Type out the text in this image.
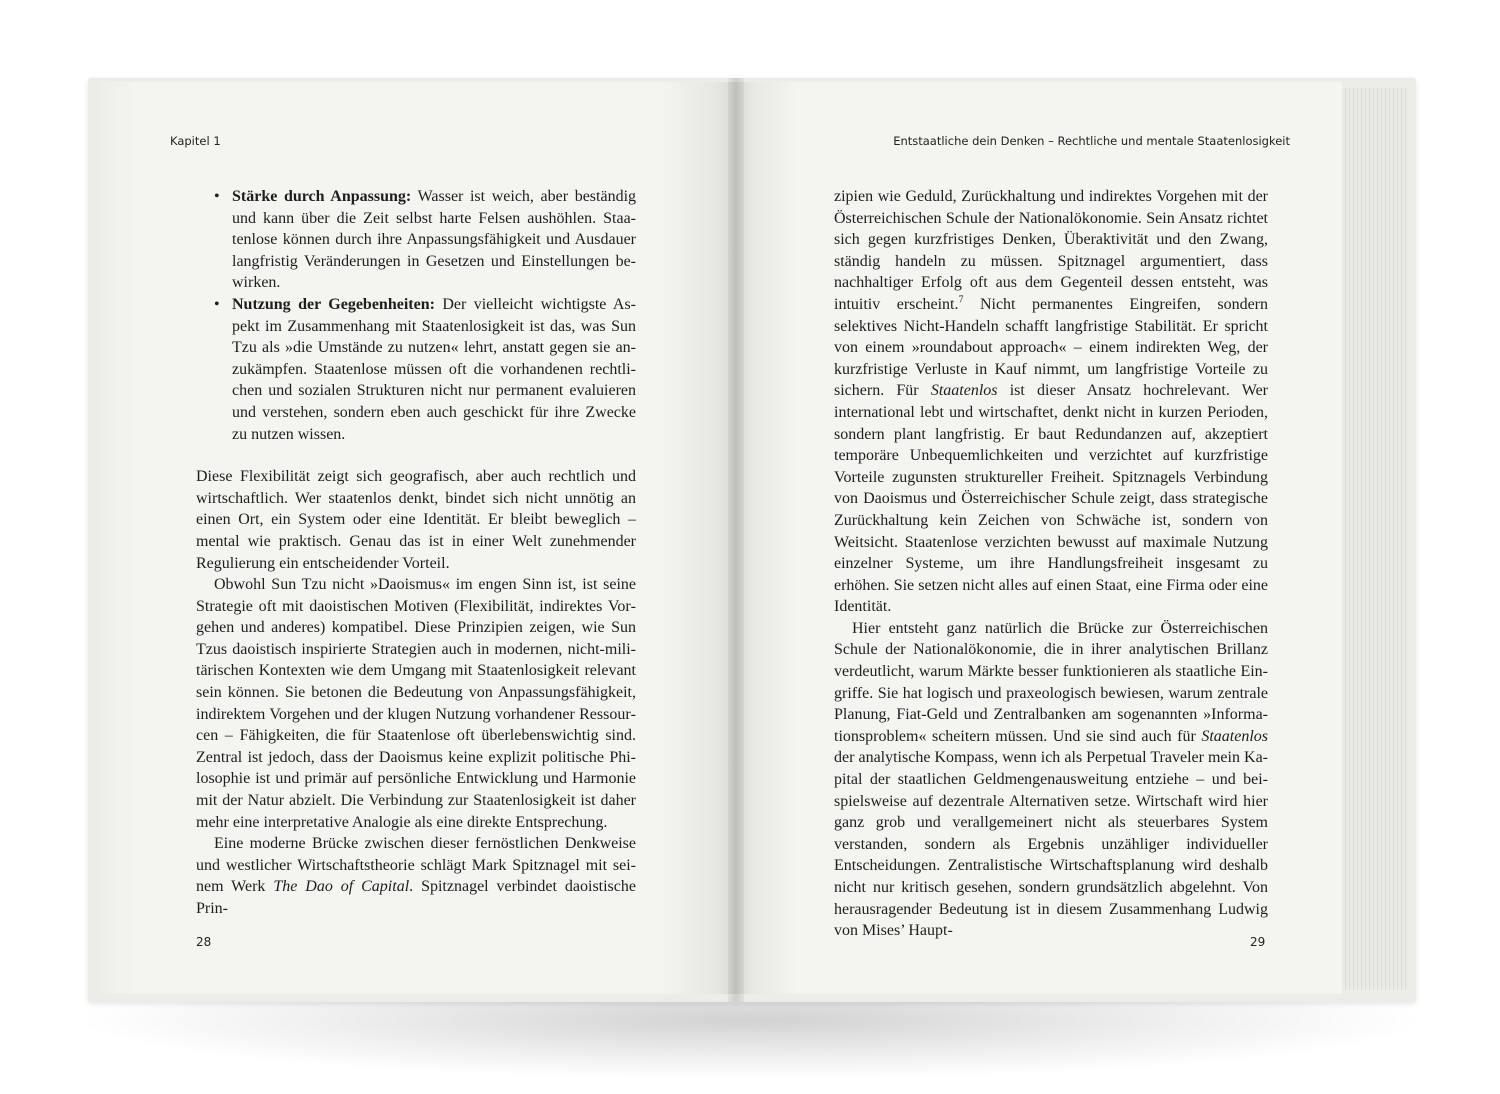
Kapitel 1	Entstaatliche dein Denken – Rechtliche und mentale Staatenlosigkeit
• Stärke durch Anpassung: Wasser ist weich, aber beständig und kann über die Zeit selbst harte Felsen aushöhlen. Staatenlose können durch ihre Anpassungsfähigkeit und Ausdauer langfristig Veränderungen in Gesetzen und Einstellungen bewirken.
• Nutzung der Gegebenheiten: Der vielleicht wichtigste Aspekt im Zusammenhang mit Staatenlosigkeit ist das, was Sun Tzu als »die Umstände zu nutzen« lehrt, anstatt gegen sie anzukämpfen. Staatenlose müssen oft die vorhandenen rechtlichen und sozialen Strukturen nicht nur permanent evaluieren und verstehen, sondern eben auch geschickt für ihre Zwecke zu nutzen wissen.

Diese Flexibilität zeigt sich geografisch, aber auch rechtlich und wirtschaftlich. Wer staatenlos denkt, bindet sich nicht unnötig an einen Ort, ein System oder eine Identität. Er bleibt beweglich – mental wie praktisch. Genau das ist in einer Welt zunehmender Regulierung ein entscheidender Vorteil.

Obwohl Sun Tzu nicht »Daoismus« im engen Sinn ist, ist seine Strategie oft mit daoistischen Motiven (Flexibilität, indirektes Vorgehen und anderes) kompatibel. Diese Prinzipien zeigen, wie Sun Tzus daoistisch inspirierte Strategien auch in modernen, nicht-militärischen Kontexten wie dem Umgang mit Staatenlosigkeit relevant sein können. Sie betonen die Bedeutung von Anpassungsfähigkeit, indirektem Vorgehen und der klugen Nutzung vorhandener Ressourcen – Fähigkeiten, die für Staatenlose oft überlebenswichtig sind. Zentral ist jedoch, dass der Daoismus keine explizit politische Philosophie ist und primär auf persönliche Entwicklung und Harmonie mit der Natur abzielt. Die Verbindung zur Staatenlosigkeit ist daher mehr eine interpretative Analogie als eine direkte Entsprechung.

Eine moderne Brücke zwischen dieser fernöstlichen Denkweise und westlicher Wirtschaftstheorie schlägt Mark Spitznagel mit seinem Werk The Dao of Capital. Spitznagel verbindet daoistische Prin-

zipien wie Geduld, Zurückhaltung und indirektes Vorgehen mit der Österreichischen Schule der Nationalökonomie. Sein Ansatz richtet sich gegen kurzfristiges Denken, Überaktivität und den Zwang, ständig handeln zu müssen. Spitznagel argumentiert, dass nachhaltiger Erfolg oft aus dem Gegenteil dessen entsteht, was intuitiv erscheint.$^7$ Nicht permanentes Eingreifen, sondern selektives Nicht-Handeln schafft langfristige Stabilität. Er spricht von einem »roundabout approach« – einem indirekten Weg, der kurzfristige Verluste in Kauf nimmt, um langfristige Vorteile zu sichern. Für Staatenlos ist dieser Ansatz hochrelevant. Wer international lebt und wirtschaftet, denkt nicht in kurzen Perioden, sondern plant langfristig. Er baut Redundanzen auf, akzeptiert temporäre Unbequemlichkeiten und verzichtet auf kurzfristige Vorteile zugunsten struktureller Freiheit. Spitznagels Verbindung von Daoismus und Österreichischer Schule zeigt, dass strategische Zurückhaltung kein Zeichen von Schwäche ist, sondern von Weitsicht. Staatenlose verzichten bewusst auf maximale Nutzung einzelner Systeme, um ihre Handlungsfreiheit insgesamt zu erhöhen. Sie setzen nicht alles auf einen Staat, eine Firma oder eine Identität.

Hier entsteht ganz natürlich die Brücke zur Österreichischen Schule der Nationalökonomie, die in ihrer analytischen Brillanz verdeutlicht, warum Märkte besser funktionieren als staatliche Eingriffe. Sie hat logisch und praxeologisch bewiesen, warum zentrale Planung, Fiat-Geld und Zentralbanken am sogenannten »Informationsproblem« scheitern müssen. Und sie sind auch für Staatenlos der analytische Kompass, wenn ich als Perpetual Traveler mein Kapital der staatlichen Geldmengenausweitung entziehe – und beispielsweise auf dezentrale Alternativen setze. Wirtschaft wird hier ganz grob und verallgemeinert nicht als steuerbares System verstanden, sondern als Ergebnis unzähliger individueller Entscheidungen. Zentralistische Wirtschaftsplanung wird deshalb nicht nur kritisch gesehen, sondern grundsätzlich abgelehnt. Von herausragender Bedeutung ist in diesem Zusammenhang Ludwig von Mises’ Haupt-

28	29
